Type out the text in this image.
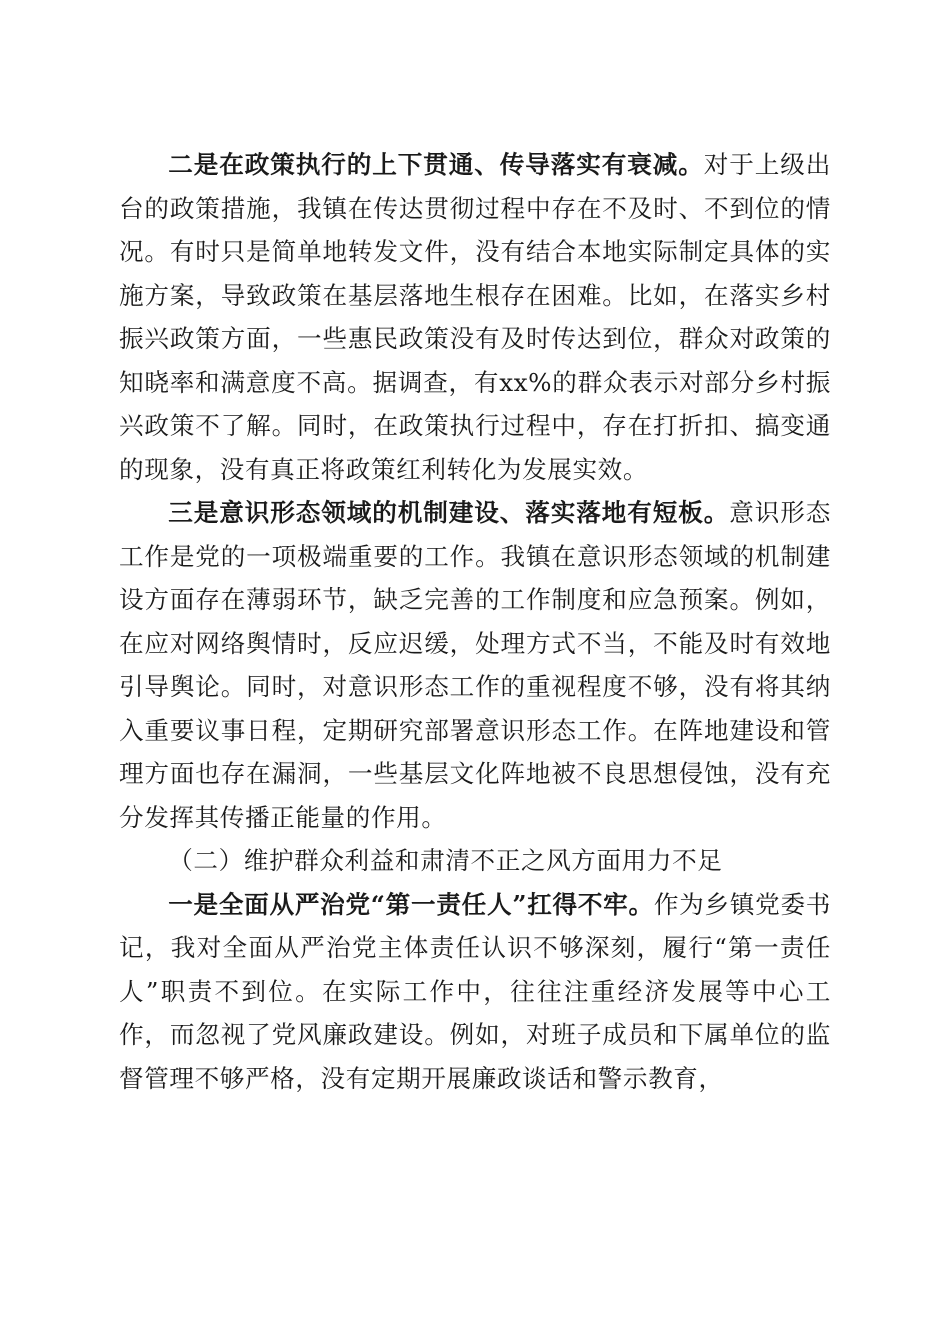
二是在政策执行的上下贯通、传导落实有衰减。对于上级出台的政策措施，我镇在传达贯彻过程中存在不及时、不到位的情况。有时只是简单地转发文件，没有结合本地实际制定具体的实施方案，导致政策在基层落地生根存在困难。比如，在落实乡村振兴政策方面，一些惠民政策没有及时传达到位，群众对政策的知晓率和满意度不高。据调查，有xx%的群众表示对部分乡村振兴政策不了解。同时，在政策执行过程中，存在打折扣、搞变通的现象，没有真正将政策红利转化为发展实效。

三是意识形态领域的机制建设、落实落地有短板。意识形态工作是党的一项极端重要的工作。我镇在意识形态领域的机制建设方面存在薄弱环节，缺乏完善的工作制度和应急预案。例如，在应对网络舆情时，反应迟缓，处理方式不当，不能及时有效地引导舆论。同时，对意识形态工作的重视程度不够，没有将其纳入重要议事日程，定期研究部署意识形态工作。在阵地建设和管理方面也存在漏洞，一些基层文化阵地被不良思想侵蚀，没有充分发挥其传播正能量的作用。

（二）维护群众利益和肃清不正之风方面用力不足

一是全面从严治党“第一责任人”扛得不牢。作为乡镇党委书记，我对全面从严治党主体责任认识不够深刻，履行“第一责任人”职责不到位。在实际工作中，往往注重经济发展等中心工作，而忽视了党风廉政建设。例如，对班子成员和下属单位的监督管理不够严格，没有定期开展廉政谈话和警示教育，
